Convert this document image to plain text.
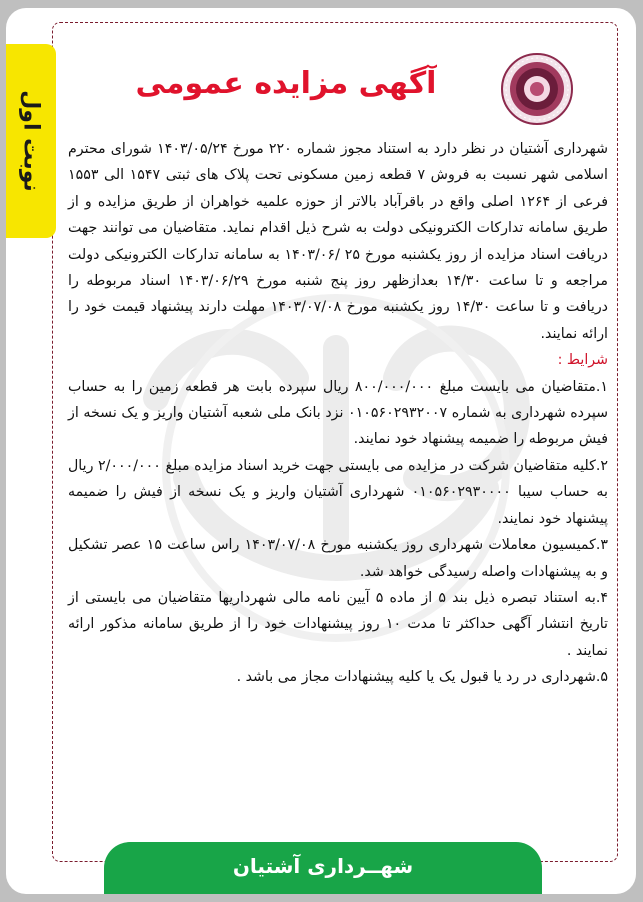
نوبت اول
آگهی مزایده عمومی

شهرداری آشتیان در نظر دارد به استناد مجوز شماره ۲۲۰ مورخ ۱۴۰۳/۰۵/۲۴ شورای محترم اسلامی شهر نسبت به فروش ۷ قطعه زمین مسکونی تحت پلاک های ثبتی ۱۵۴۷ الی ۱۵۵۳ فرعی از ۱۲۶۴ اصلی واقع در باقرآباد بالاتر از حوزه علمیه خواهران از طریق مزایده و از طریق سامانه تدارکات الکترونیکی دولت به شرح ذیل اقدام نماید. متقاضیان می توانند جهت دریافت اسناد مزایده از روز یکشنبه مورخ ۲۵ /۱۴۰۳/۰۶ به سامانه تدارکات الکترونیکی دولت مراجعه و تا ساعت ۱۴/۳۰ بعدازظهر روز پنج شنبه مورخ ۱۴۰۳/۰۶/۲۹ اسناد مربوطه را دریافت و تا ساعت ۱۴/۳۰ روز یکشنبه مورخ ۱۴۰۳/۰۷/۰۸ مهلت دارند پیشنهاد قیمت خود را ارائه نمایند.

شرایط :

۱.متقاضیان می بایست مبلغ ۸۰۰/۰۰۰/۰۰۰ ریال سپرده بابت هر قطعه زمین را به حساب سپرده شهرداری به شماره ۰۱۰۵۶۰۲۹۳۲۰۰۷ نزد بانک ملی شعبه آشتیان واریز و یک نسخه از فیش مربوطه را ضمیمه پیشنهاد خود نمایند.

۲.کلیه متقاضیان شرکت در مزایده می بایستی جهت خرید اسناد مزایده مبلغ ۲/۰۰۰/۰۰۰ ریال به حساب سیبا ۰۱۰۵۶۰۲۹۳۰۰۰۰ شهرداری آشتیان واریز و یک نسخه از فیش را ضمیمه پیشنهاد خود نمایند.

۳.کمیسیون معاملات شهرداری روز یکشنبه مورخ ۱۴۰۳/۰۷/۰۸ راس ساعت ۱۵ عصر تشکیل و به پیشنهادات واصله رسیدگی خواهد شد.

۴.به استناد تبصره ذیل بند ۵ از ماده ۵ آیین نامه مالی شهرداریها متقاضیان می بایستی از تاریخ انتشار آگهی حداکثر تا مدت ۱۰ روز پیشنهادات خود را از طریق سامانه مذکور ارائه نمایند .

۵.شهرداری در رد یا قبول یک یا کلیه پیشنهادات مجاز می باشد .

شهــرداری آشتیان
